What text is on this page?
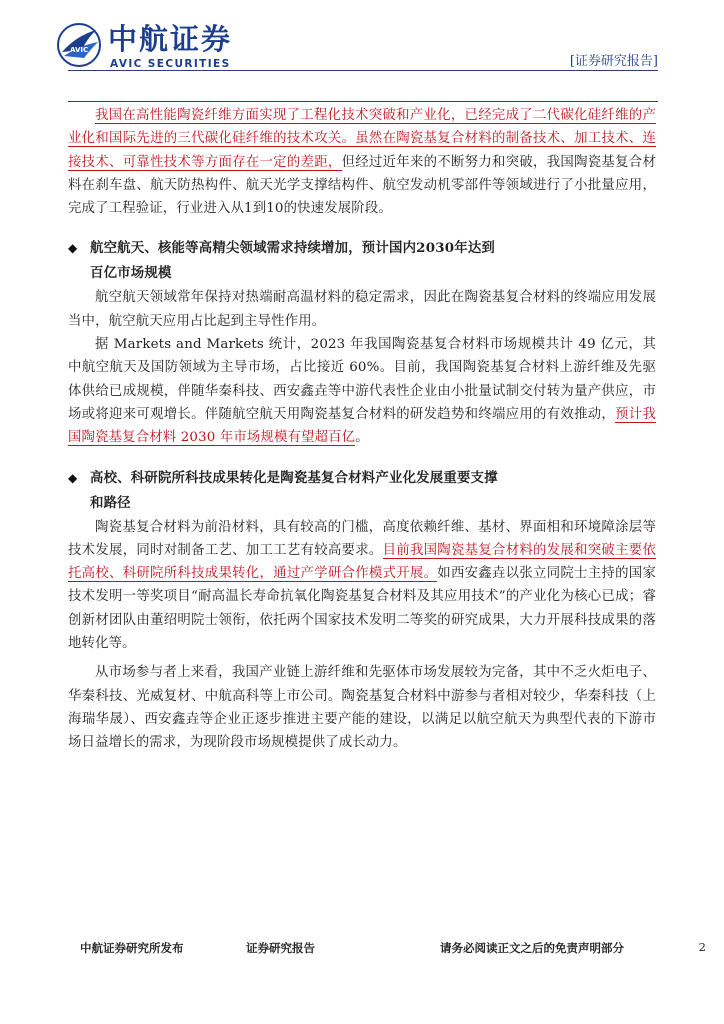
AVIC 中航证券
AVIC SECURITIES	[证券研究报告]

我国在高性能陶瓷纤维方面实现了工程化技术突破和产业化，已经完成了二代碳化硅纤维的产业化和国际先进的三代碳化硅纤维的技术攻关。虽然在陶瓷基复合材料的制备技术、加工技术、连接技术、可靠性技术等方面存在一定的差距，但经过近年来的不断努力和突破，我国陶瓷基复合材料在刹车盘、航天防热构件、航天光学支撑结构件、航空发动机零部件等领域进行了小批量应用，完成了工程验证，行业进入从1到10的快速发展阶段。

◆ 航空航天、核能等高精尖领域需求持续增加，预计国内2030年达到
百亿市场规模

航空航天领域常年保持对热端耐高温材料的稳定需求，因此在陶瓷基复合材料的终端应用发展当中，航空航天应用占比起到主导性作用。

据 Markets and Markets 统计，2023 年我国陶瓷基复合材料市场规模共计 49 亿元，其中航空航天及国防领域为主导市场，占比接近 60%。目前，我国陶瓷基复合材料上游纤维及先驱体供给已成规模，伴随华秦科技、西安鑫垚等中游代表性企业由小批量试制交付转为量产供应，市场或将迎来可观增长。伴随航空航天用陶瓷基复合材料的研发趋势和终端应用的有效推动，预计我国陶瓷基复合材料 2030 年市场规模有望超百亿。

◆ 高校、科研院所科技成果转化是陶瓷基复合材料产业化发展重要支撑
和路径

陶瓷基复合材料为前沿材料，具有较高的门槛，高度依赖纤维、基材、界面相和环境障涂层等技术发展，同时对制备工艺、加工工艺有较高要求。目前我国陶瓷基复合材料的发展和突破主要依托高校、科研院所科技成果转化，通过产学研合作模式开展。如西安鑫垚以张立同院士主持的国家技术发明一等奖项目“耐高温长寿命抗氧化陶瓷基复合材料及其应用技术”的产业化为核心已成；睿创新材团队由董绍明院士领衔，依托两个国家技术发明二等奖的研究成果，大力开展科技成果的落地转化等。

从市场参与者上来看，我国产业链上游纤维和先驱体市场发展较为完备，其中不乏火炬电子、华秦科技、光威复材、中航高科等上市公司。陶瓷基复合材料中游参与者相对较少，华秦科技（上海瑞华晟）、西安鑫垚等企业正逐步推进主要产能的建设，以满足以航空航天为典型代表的下游市场日益增长的需求，为现阶段市场规模提供了成长动力。

中航证券研究所发布	证券研究报告	请务必阅读正文之后的免责声明部分	2
